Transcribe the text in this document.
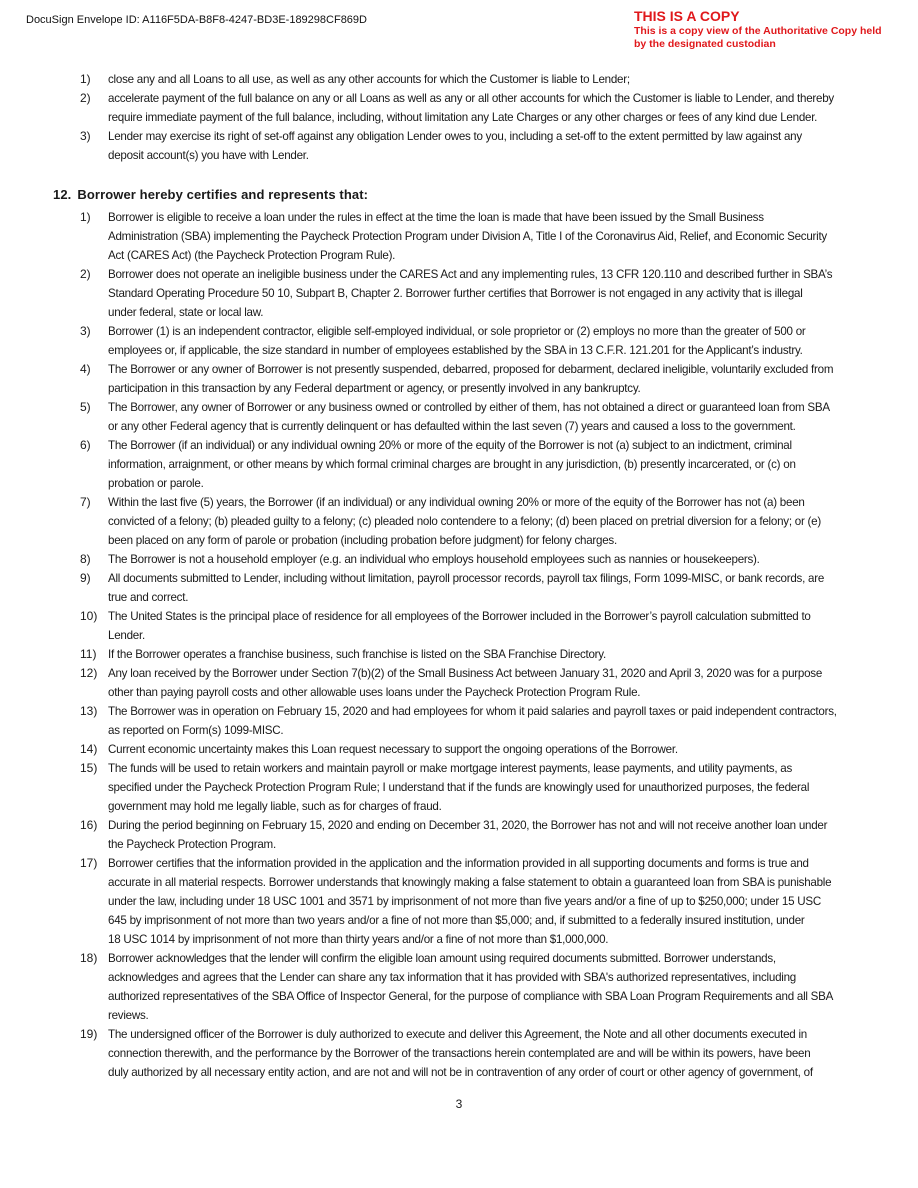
DocuSign Envelope ID: A116F5DA-B8F8-4247-BD3E-189298CF869D	THIS IS A COPY
This is a copy view of the Authoritative Copy held
by the designated custodian
1)	close any and all Loans to all use, as well as any other accounts for which the Customer is liable to Lender;
2)	accelerate payment of the full balance on any or all Loans as well as any or all other accounts for which the Customer is liable to Lender, and thereby
require immediate payment of the full balance, including, without limitation any Late Charges or any other charges or fees of any kind due Lender.
3)	Lender may exercise its right of set-off against any obligation Lender owes to you, including a set-off to the extent permitted by law against any
deposit account(s) you have with Lender.
12. Borrower hereby certifies and represents that:
1)	Borrower is eligible to receive a loan under the rules in effect at the time the loan is made that have been issued by the Small Business
Administration (SBA) implementing the Paycheck Protection Program under Division A, Title I of the Coronavirus Aid, Relief, and Economic Security
Act (CARES Act) (the Paycheck Protection Program Rule).
2)	Borrower does not operate an ineligible business under the CARES Act and any implementing rules, 13 CFR 120.110 and described further in SBA’s
Standard Operating Procedure 50 10, Subpart B, Chapter 2. Borrower further certifies that Borrower is not engaged in any activity that is illegal
under federal, state or local law.
3)	Borrower (1) is an independent contractor, eligible self-employed individual, or sole proprietor or (2) employs no more than the greater of 500 or
employees or, if applicable, the size standard in number of employees established by the SBA in 13 C.F.R. 121.201 for the Applicant’s industry.
4)	The Borrower or any owner of Borrower is not presently suspended, debarred, proposed for debarment, declared ineligible, voluntarily excluded from
participation in this transaction by any Federal department or agency, or presently involved in any bankruptcy.
5)	The Borrower, any owner of Borrower or any business owned or controlled by either of them, has not obtained a direct or guaranteed loan from SBA
or any other Federal agency that is currently delinquent or has defaulted within the last seven (7) years and caused a loss to the government.
6)	The Borrower (if an individual) or any individual owning 20% or more of the equity of the Borrower is not (a) subject to an indictment, criminal
information, arraignment, or other means by which formal criminal charges are brought in any jurisdiction, (b) presently incarcerated, or (c) on
probation or parole.
7)	Within the last five (5) years, the Borrower (if an individual) or any individual owning 20% or more of the equity of the Borrower has not (a) been
convicted of a felony; (b) pleaded guilty to a felony; (c) pleaded nolo contendere to a felony; (d) been placed on pretrial diversion for a felony; or (e)
been placed on any form of parole or probation (including probation before judgment) for felony charges.
8)	The Borrower is not a household employer (e.g. an individual who employs household employees such as nannies or housekeepers).
9)	All documents submitted to Lender, including without limitation, payroll processor records, payroll tax filings, Form 1099-MISC, or bank records, are
true and correct.
10) The United States is the principal place of residence for all employees of the Borrower included in the Borrower’s payroll calculation submitted to
Lender.
11) If the Borrower operates a franchise business, such franchise is listed on the SBA Franchise Directory.
12) Any loan received by the Borrower under Section 7(b)(2) of the Small Business Act between January 31, 2020 and April 3, 2020 was for a purpose
other than paying payroll costs and other allowable uses loans under the Paycheck Protection Program Rule.
13) The Borrower was in operation on February 15, 2020 and had employees for whom it paid salaries and payroll taxes or paid independent contractors,
as reported on Form(s) 1099-MISC.
14) Current economic uncertainty makes this Loan request necessary to support the ongoing operations of the Borrower.
15) The funds will be used to retain workers and maintain payroll or make mortgage interest payments, lease payments, and utility payments, as
specified under the Paycheck Protection Program Rule; I understand that if the funds are knowingly used for unauthorized purposes, the federal
government may hold me legally liable, such as for charges of fraud.
16) During the period beginning on February 15, 2020 and ending on December 31, 2020, the Borrower has not and will not receive another loan under
the Paycheck Protection Program.
17) Borrower certifies that the information provided in the application and the information provided in all supporting documents and forms is true and
accurate in all material respects. Borrower understands that knowingly making a false statement to obtain a guaranteed loan from SBA is punishable
under the law, including under 18 USC 1001 and 3571 by imprisonment of not more than five years and/or a fine of up to $250,000; under 15 USC
645 by imprisonment of not more than two years and/or a fine of not more than $5,000; and, if submitted to a federally insured institution, under
18 USC 1014 by imprisonment of not more than thirty years and/or a fine of not more than $1,000,000.
18) Borrower acknowledges that the lender will confirm the eligible loan amount using required documents submitted. Borrower understands,
acknowledges and agrees that the Lender can share any tax information that it has provided with SBA's authorized representatives, including
authorized representatives of the SBA Office of Inspector General, for the purpose of compliance with SBA Loan Program Requirements and all SBA
reviews.
19) The undersigned officer of the Borrower is duly authorized to execute and deliver this Agreement, the Note and all other documents executed in
connection therewith, and the performance by the Borrower of the transactions herein contemplated are and will be within its powers, have been
duly authorized by all necessary entity action, and are not and will not be in contravention of any order of court or other agency of government, of
3
